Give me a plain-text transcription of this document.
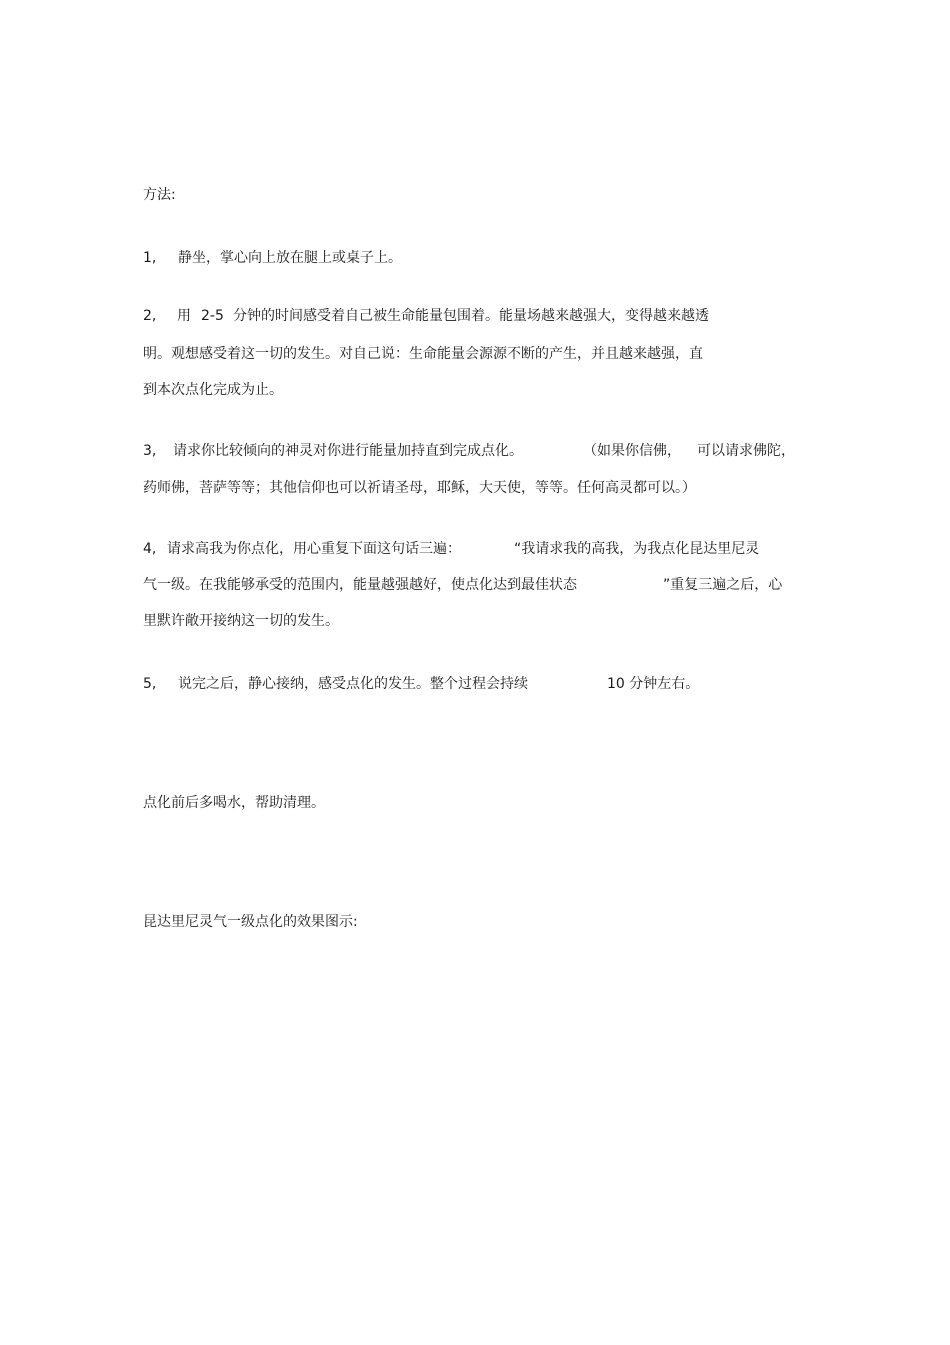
方法:

1,

静坐，掌心向上放在腿上或桌子上。

2,

用

2-5

分钟的时间感受着自己被生命能量包围着。能量场越来越强大，变得越来越透

明。观想感受着这一切的发生。对自己说：生命能量会源源不断的产生，并且越来越强，直
到本次点化完成为止。

3,

请求你比较倾向的神灵对你进行能量加持直到完成点化。

	（如果你信佛，

可以请求佛陀，

药师佛，菩萨等等；其他信仰也可以祈请圣母，耶稣，大天使，等等。任何高灵都可以。）

4,

请求高我为你点化，用心重复下面这句话三遍：

	“我请求我的高我，为我点化昆达里尼灵

气一级。在我能够承受的范围内，能量越强越好，使点化达到最佳状态

	”重复三遍之后，心

里默许敞开接纳这一切的发生。

5,

说完之后，静心接纳，感受点化的发生。整个过程会持续

	10 分钟左右。

点化前后多喝水，帮助清理。
昆达里尼灵气一级点化的效果图示:
